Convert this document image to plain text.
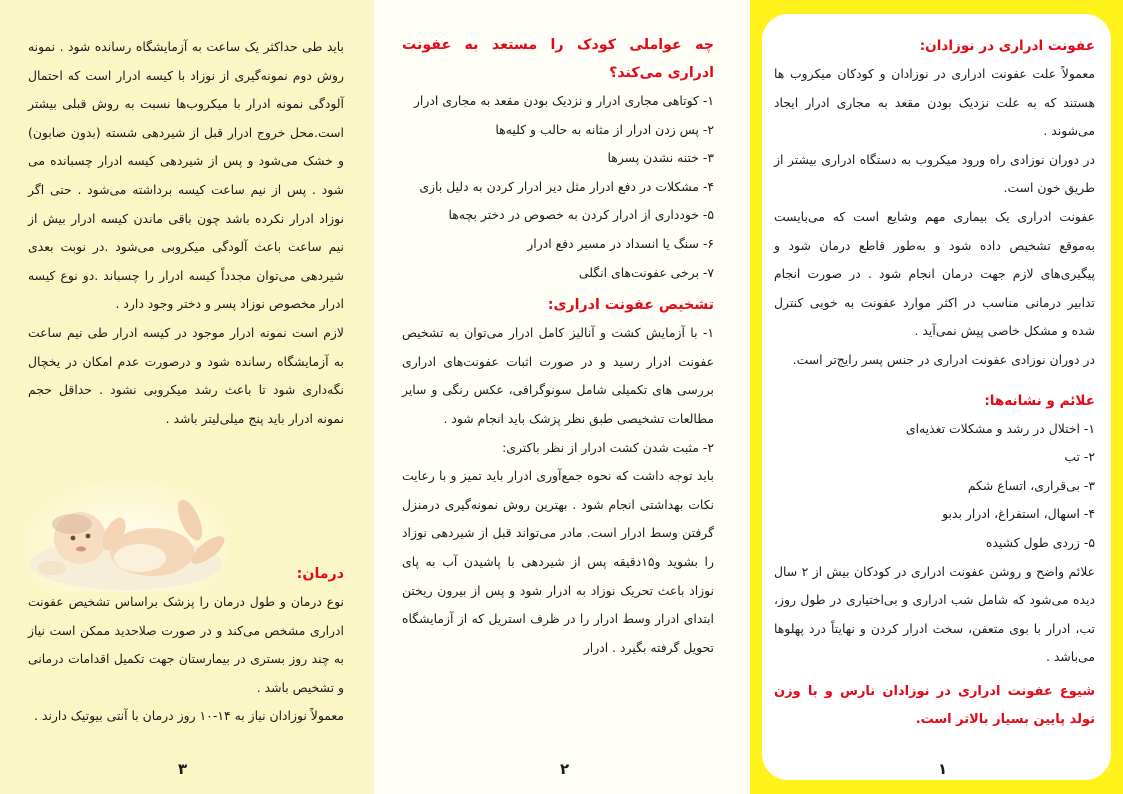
باید طی حداکثر یک ساعت به آزمایشگاه رسانده شود . نمونه روش دوم نمونه‌گیری از نوزاد با کیسه ادرار است که احتمال آلودگی نمونه ادرار با میکروب‌ها نسبت به روش قبلی بیشتر است.محل خروج ادرار قبل از شیردهی شسته (بدون صابون) و خشک می‌شود و پس از شیردهی کیسه ادرار چسبانده می شود . پس از نیم ساعت کیسه برداشته می‌شود . حتی اگر نوزاد ادرار نکرده باشد چون باقی ماندن کیسه ادرار بیش از نیم ساعت باعث آلودگی میکروبی می‌شود .در نوبت بعدی شیردهی می‌توان مجدداً کیسه ادرار را چسباند .دو نوع کیسه ادرار مخصوص نوزاد پسر و دختر وجود دارد .

لازم است نمونه ادرار موجود در کیسه ادرار طی نیم ساعت به آزمایشگاه رسانده شود و درصورت عدم امکان در یخچال نگه‌داری شود تا باعث رشد میکروبی نشود . حداقل حجم نمونه ادرار باید پنج میلی‌لیتر باشد .

درمان:

نوع درمان و طول درمان را پزشک براساس تشخیص عفونت ادراری مشخص می‌کند و در صورت صلاحدید ممکن است نیاز به چند روز بستری در بیمارستان جهت تکمیل اقدامات درمانی و تشخیص باشد .

معمولاً نوزادان نیاز به ۱۴-۱۰ روز درمان با آنتی بیوتیک دارند .

۳
چه عواملی کودک را مستعد به عفونت ادراری می‌کند؟

۱- کوتاهی مجاری ادرار و نزدیک بودن مقعد به مجاری ادرار

۲- پس زدن ادرار از مثانه به حالب و کلیه‌ها

۳- ختنه نشدن پسرها

۴- مشکلات در دفع ادرار مثل دیر ادرار کردن به دلیل بازی

۵- خودداری از ادرار کردن به خصوص در دختر بچه‌ها

۶- سنگ یا انسداد در مسیر دفع ادرار

۷- برخی عفونت‌های انگلی

تشخیص عفونت ادراری:

۱- با آزمایش کشت و آنالیز کامل ادرار می‌توان به تشخیص عفونت ادرار رسید و در صورت اثبات عفونت‌های ادراری بررسی های تکمیلی شامل سونوگرافی، عکس رنگی و سایر مطالعات تشخیصی طبق نظر پزشک باید انجام شود .

۲- مثبت شدن کشت ادرار از نظر باکتری:

باید توجه داشت که نحوه جمع‌آوری ادرار باید تمیز و با رعایت نکات بهداشتی انجام شود . بهترین روش نمونه‌گیری درمنزل گرفتن وسط ادرار است. مادر می‌تواند قبل از شیردهی نوزاد را بشوید و۱۵دقیقه پس از شیردهی با پاشیدن آب به پای نوزاد باعث تحریک نوزاد به ادرار شود و پس از بیرون ریختن ابتدای ادرار وسط ادرار را در ظرف استریل که از آزمایشگاه تحویل گرفته بگیرد . ادرار

۲
عفونت ادراری در نوزادان:

معمولاً علت عفونت ادراری در نوزادان و کودکان میکروب ها هستند که به علت نزدیک بودن مقعد به مجاری ادرار ایجاد می‌شوند .

در دوران نوزادی راه ورود میکروب به دستگاه ادراری بیشتر از طریق خون است.

عفونت ادراری یک بیماری مهم وشایع است که می‌بایست به‌موقع تشخیص داده شود و به‌طور قاطع درمان شود و پیگیری‌های لازم جهت درمان انجام شود . در صورت انجام تدابیر درمانی مناسب در اکثر موارد عفونت به خوبی کنترل شده و مشکل خاصی پیش نمی‌آید .

در دوران نوزادی عفونت ادراری در جنس پسر رایج‌تر است.

علائم و نشانه‌ها:

۱- اختلال در رشد و مشکلات تغذیه‌ای

۲- تب

۳- بی‌قراری، اتساع شکم

۴- اسهال، استفراغ، ادرار بدبو

۵- زردی طول کشیده

علائم واضح و روشن عفونت ادراری در کودکان بیش از ۲ سال دیده می‌شود که شامل شب ادراری و بی‌اختیاری در طول روز، تب، ادرار با بوی متعفن، سخت ادرار کردن و نهایتاً درد پهلوها می‌باشد .

شیوع عفونت ادراری در نوزادان نارس و با وزن تولد پایین بسیار بالاتر است.

۱
